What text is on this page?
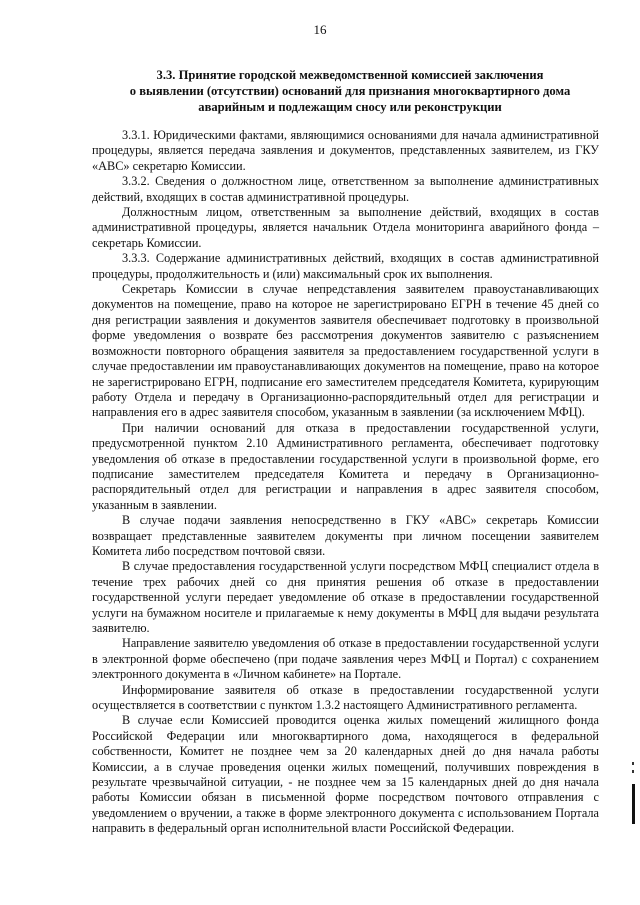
16
3.3. Принятие городской межведомственной комиссией заключения
о выявлении (отсутствии) оснований для признания многоквартирного дома
аварийным и подлежащим сносу или реконструкции

3.3.1. Юридическими фактами, являющимися основаниями для начала административной процедуры, является передача заявления и документов, представленных заявителем, из ГКУ «АВС» секретарю Комиссии.

3.3.2. Сведения о должностном лице, ответственном за выполнение административных действий, входящих в состав административной процедуры.

Должностным лицом, ответственным за выполнение действий, входящих в состав административной процедуры, является начальник Отдела мониторинга аварийного фонда – секретарь Комиссии.

3.3.3. Содержание административных действий, входящих в состав административной процедуры, продолжительность и (или) максимальный срок их выполнения.

Секретарь Комиссии в случае непредставления заявителем правоустанавливающих документов на помещение, право на которое не зарегистрировано ЕГРН в течение 45 дней со дня регистрации заявления и документов заявителя обеспечивает подготовку в произвольной форме уведомления о возврате без рассмотрения документов заявителю с разъяснением возможности повторного обращения заявителя за предоставлением государственной услуги в случае предоставлении им правоустанавливающих документов на помещение, право на которое не зарегистрировано ЕГРН, подписание его заместителем председателя Комитета, курирующим работу Отдела и передачу в Организационно-распорядительный отдел для регистрации и направления его в адрес заявителя способом, указанным в заявлении (за исключением МФЦ).

При наличии оснований для отказа в предоставлении государственной услуги, предусмотренной пунктом 2.10 Административного регламента, обеспечивает подготовку уведомления об отказе в предоставлении государственной услуги в произвольной форме, его подписание заместителем председателя Комитета и передачу в Организационно-распорядительный отдел для регистрации и направления в адрес заявителя способом, указанным в заявлении.

В случае подачи заявления непосредственно в ГКУ «АВС» секретарь Комиссии возвращает представленные заявителем документы при личном посещении заявителем Комитета либо посредством почтовой связи.

В случае предоставления государственной услуги посредством МФЦ специалист отдела в течение трех рабочих дней со дня принятия решения об отказе в предоставлении государственной услуги передает уведомление об отказе в предоставлении государственной услуги на бумажном носителе и прилагаемые к нему документы в МФЦ для выдачи результата заявителю.

Направление заявителю уведомления об отказе в предоставлении государственной услуги в электронной форме обеспечено (при подаче заявления через МФЦ и Портал) с сохранением электронного документа в «Личном кабинете» на Портале.

Информирование заявителя об отказе в предоставлении государственной услуги осуществляется в соответствии с пунктом 1.3.2 настоящего Административного регламента.

В случае если Комиссией проводится оценка жилых помещений жилищного фонда Российской Федерации или многоквартирного дома, находящегося в федеральной собственности, Комитет не позднее чем за 20 календарных дней до дня начала работы Комиссии, а в случае проведения оценки жилых помещений, получивших повреждения в результате чрезвычайной ситуации, - не позднее чем за 15 календарных дней до дня начала работы Комиссии обязан в письменной форме посредством почтового отправления с уведомлением о вручении, а также в форме электронного документа с использованием Портала направить в федеральный орган исполнительной власти Российской Федерации.
